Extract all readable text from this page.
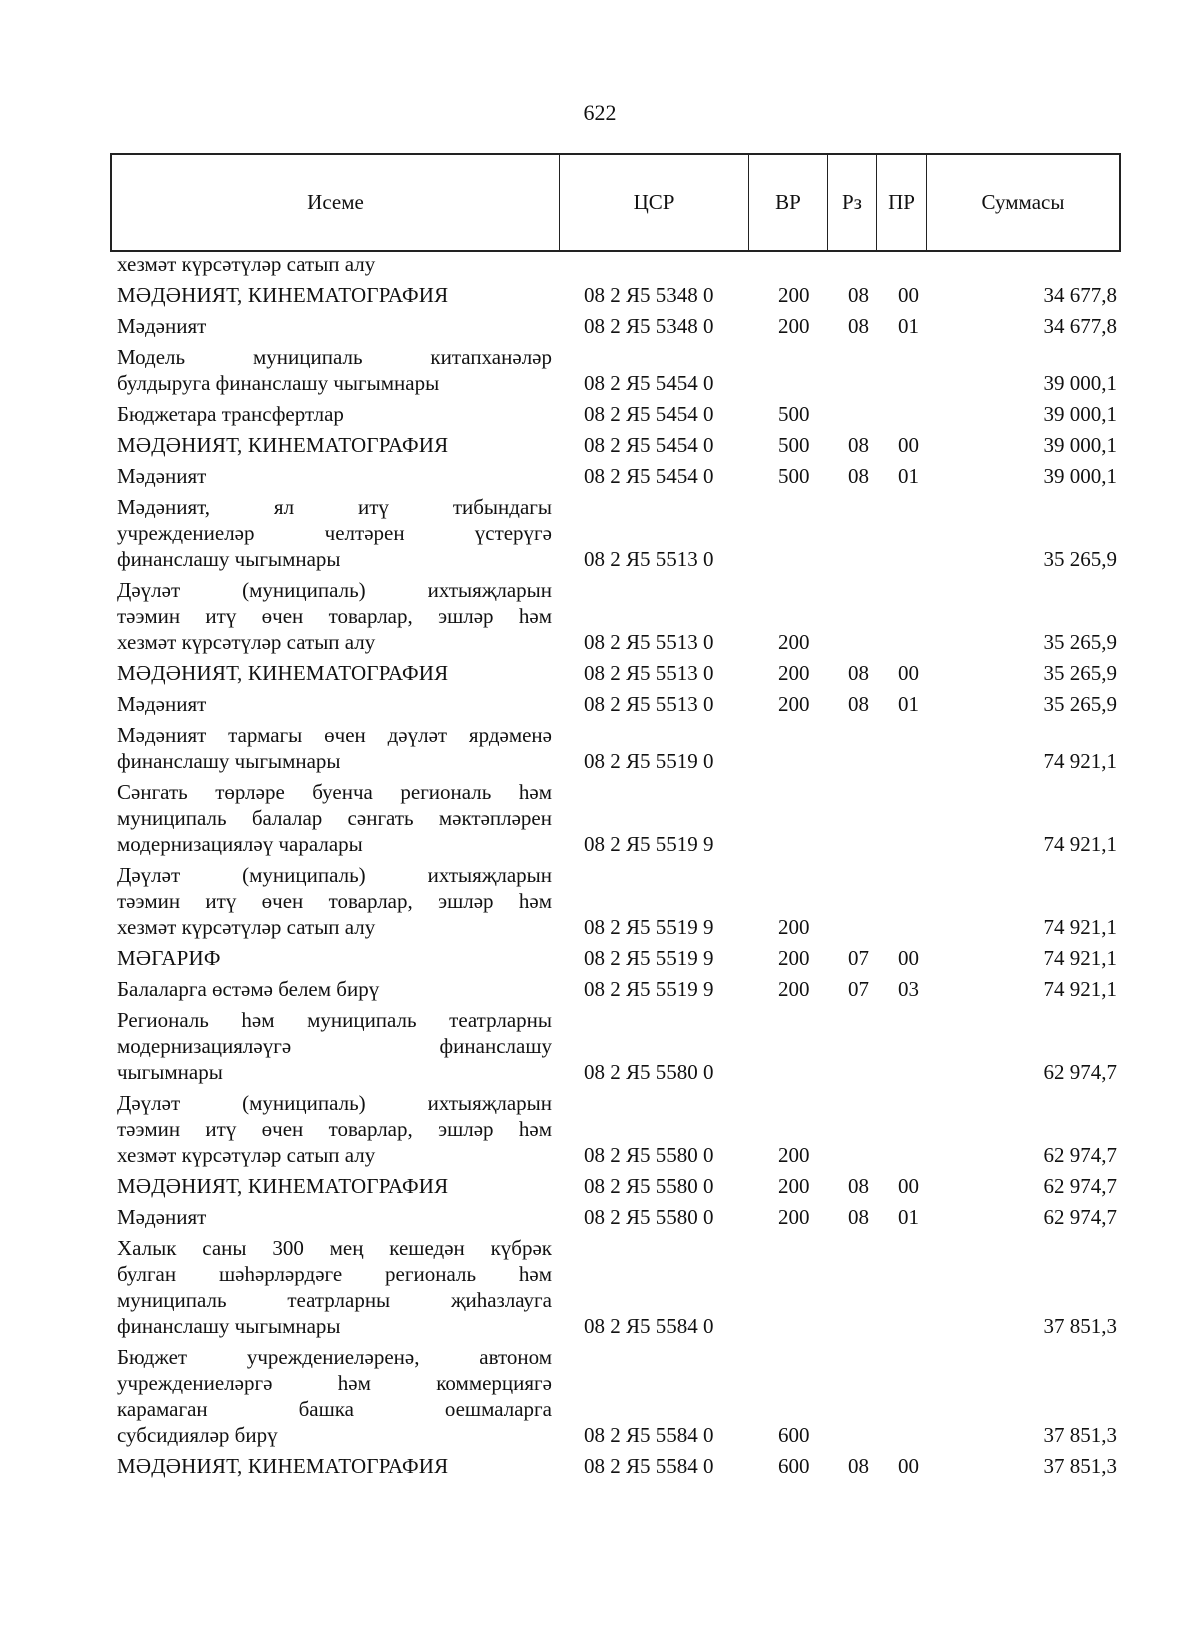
622
Исеме	ЦСР	ВР	Рз	ПР	Суммасы
хезмәт күрсәтүләр сатып алу
МӘДӘНИЯТ, КИНЕМАТОГРАФИЯ	08 2 Я5 5348 0	200 08 00	34 677,8
Мәдәният	08 2 Я5 5348 0	200 08 01	34 677,8
Модель муниципаль китапханәләр
булдыруга финанслашу чыгымнары	08 2 Я5 5454 0	39 000,1
Бюджетара трансфертлар	08 2 Я5 5454 0	500	39 000,1
МӘДӘНИЯТ, КИНЕМАТОГРАФИЯ	08 2 Я5 5454 0	500 08 00	39 000,1
Мәдәният	08 2 Я5 5454 0	500 08 01	39 000,1
Мәдәният, ял итү тибындагы
учреждениеләр челтәрен үстерүгә
финанслашу чыгымнары	08 2 Я5 5513 0	35 265,9
Дәүләт (муниципаль) ихтыяҗларын
тәэмин итү өчен товарлар, эшләр һәм
хезмәт күрсәтүләр сатып алу	08 2 Я5 5513 0	200	35 265,9
МӘДӘНИЯТ, КИНЕМАТОГРАФИЯ	08 2 Я5 5513 0	200 08 00	35 265,9
Мәдәният	08 2 Я5 5513 0	200 08 01	35 265,9
Мәдәният тармагы өчен дәүләт ярдәменә
финанслашу чыгымнары	08 2 Я5 5519 0	74 921,1
Сәнгать төрләре буенча региональ һәм
муниципаль балалар сәнгать мәктәпләрен
модернизацияләү чаралары	08 2 Я5 5519 9	74 921,1
Дәүләт (муниципаль) ихтыяҗларын
тәэмин итү өчен товарлар, эшләр һәм
хезмәт күрсәтүләр сатып алу	08 2 Я5 5519 9	200	74 921,1
МӘГАРИФ	08 2 Я5 5519 9	200 07 00	74 921,1
Балаларга өстәмә белем бирү	08 2 Я5 5519 9	200 07 03	74 921,1
Региональ һәм муниципаль театрларны
модернизацияләүгә финанслашу
чыгымнары	08 2 Я5 5580 0	62 974,7
Дәүләт (муниципаль) ихтыяҗларын
тәэмин итү өчен товарлар, эшләр һәм
хезмәт күрсәтүләр сатып алу	08 2 Я5 5580 0	200	62 974,7
МӘДӘНИЯТ, КИНЕМАТОГРАФИЯ	08 2 Я5 5580 0	200 08 00	62 974,7
Мәдәният	08 2 Я5 5580 0	200 08 01	62 974,7
Халык саны 300 мең кешедән күбрәк
булган шәһәрләрдәге региональ һәм
муниципаль театрларны җиһазлауга
финанслашу чыгымнары	08 2 Я5 5584 0	37 851,3
Бюджет учреждениеләренә, автоном
учреждениеләргә һәм коммерциягә
карамаган башка оешмаларга
субсидияләр бирү	08 2 Я5 5584 0	600	37 851,3
МӘДӘНИЯТ, КИНЕМАТОГРАФИЯ	08 2 Я5 5584 0	600 08 00	37 851,3
